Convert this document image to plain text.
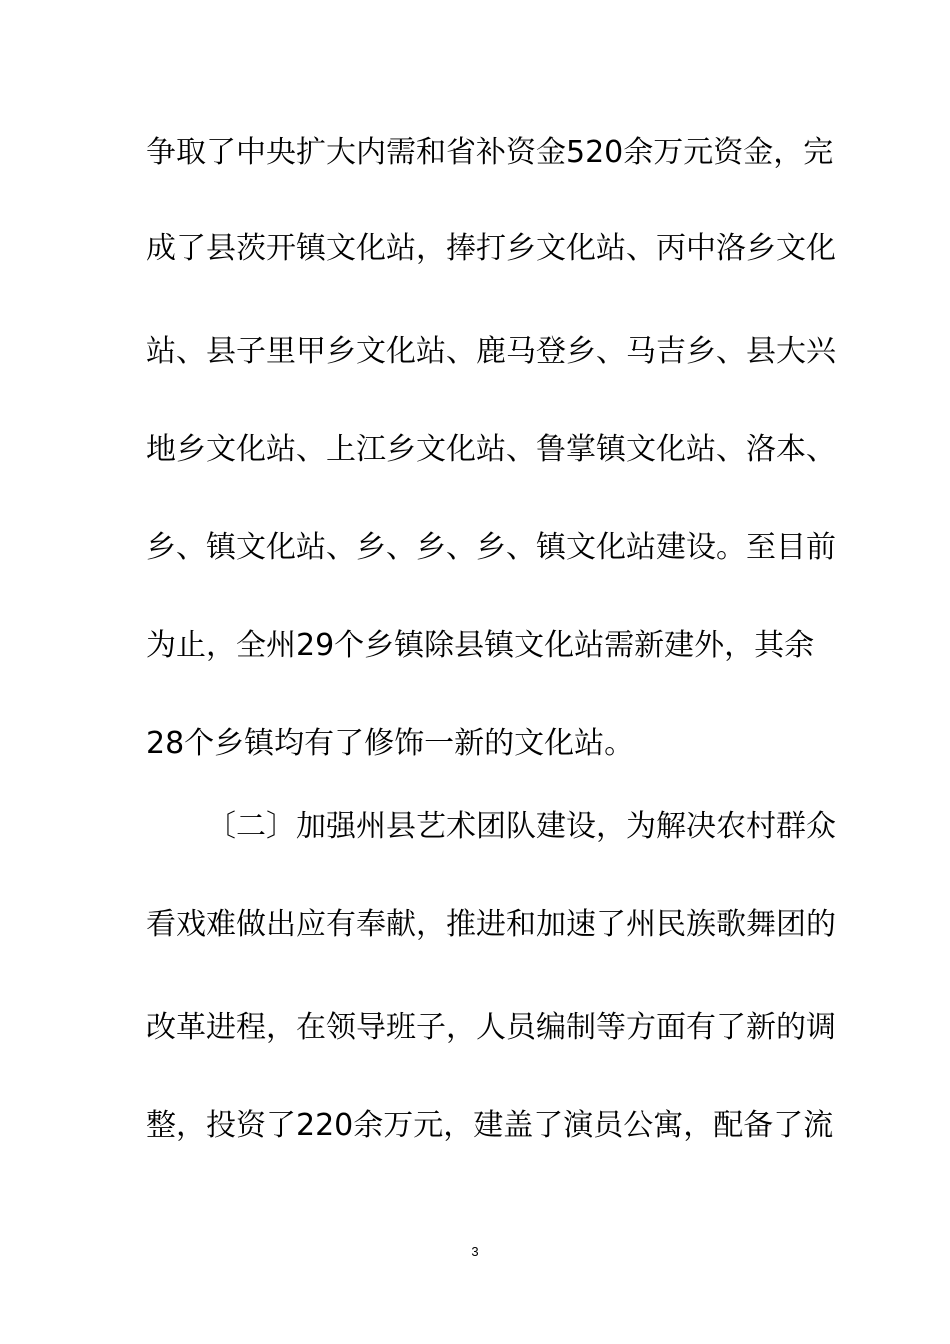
争取了中央扩大内需和省补资金520余万元资金，完
成了县茨开镇文化站，捧打乡文化站、丙中洛乡文化
站、县子里甲乡文化站、鹿马登乡、马吉乡、县大兴
地乡文化站、上江乡文化站、鲁掌镇文化站、洛本、
乡、镇文化站、乡、乡、乡、镇文化站建设。至目前
为止，全州29个乡镇除县镇文化站需新建外，其余
28个乡镇均有了修饰一新的文化站。
〔二〕加强州县艺术团队建设，为解决农村群众
看戏难做出应有奉献，推进和加速了州民族歌舞团的
改革进程，在领导班子，人员编制等方面有了新的调
整，投资了220余万元，建盖了演员公寓，配备了流
3
